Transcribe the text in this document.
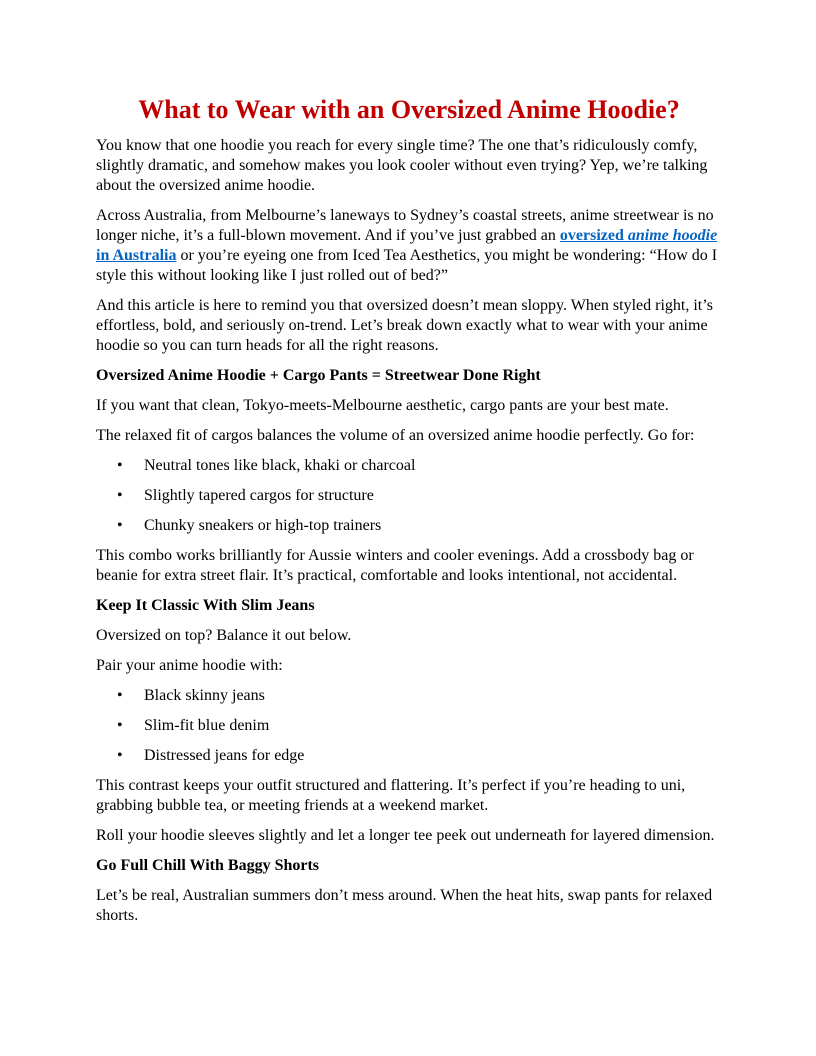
What to Wear with an Oversized Anime Hoodie?

You know that one hoodie you reach for every single time? The one that’s ridiculously comfy, slightly dramatic, and somehow makes you look cooler without even trying? Yep, we’re talking about the oversized anime hoodie.

Across Australia, from Melbourne’s laneways to Sydney’s coastal streets, anime streetwear is no longer niche, it’s a full-blown movement. And if you’ve just grabbed an oversized anime hoodie in Australia or you’re eyeing one from Iced Tea Aesthetics, you might be wondering: “How do I style this without looking like I just rolled out of bed?”

And this article is here to remind you that oversized doesn’t mean sloppy. When styled right, it’s effortless, bold, and seriously on-trend. Let’s break down exactly what to wear with your anime hoodie so you can turn heads for all the right reasons.

Oversized Anime Hoodie + Cargo Pants = Streetwear Done Right

If you want that clean, Tokyo-meets-Melbourne aesthetic, cargo pants are your best mate.

The relaxed fit of cargos balances the volume of an oversized anime hoodie perfectly. Go for:

• Neutral tones like black, khaki or charcoal
• Slightly tapered cargos for structure
• Chunky sneakers or high-top trainers

This combo works brilliantly for Aussie winters and cooler evenings. Add a crossbody bag or beanie for extra street flair. It’s practical, comfortable and looks intentional, not accidental.

Keep It Classic With Slim Jeans

Oversized on top? Balance it out below.

Pair your anime hoodie with:

• Black skinny jeans
• Slim-fit blue denim
• Distressed jeans for edge

This contrast keeps your outfit structured and flattering. It’s perfect if you’re heading to uni, grabbing bubble tea, or meeting friends at a weekend market.

Roll your hoodie sleeves slightly and let a longer tee peek out underneath for layered dimension.

Go Full Chill With Baggy Shorts

Let’s be real, Australian summers don’t mess around. When the heat hits, swap pants for relaxed shorts.
